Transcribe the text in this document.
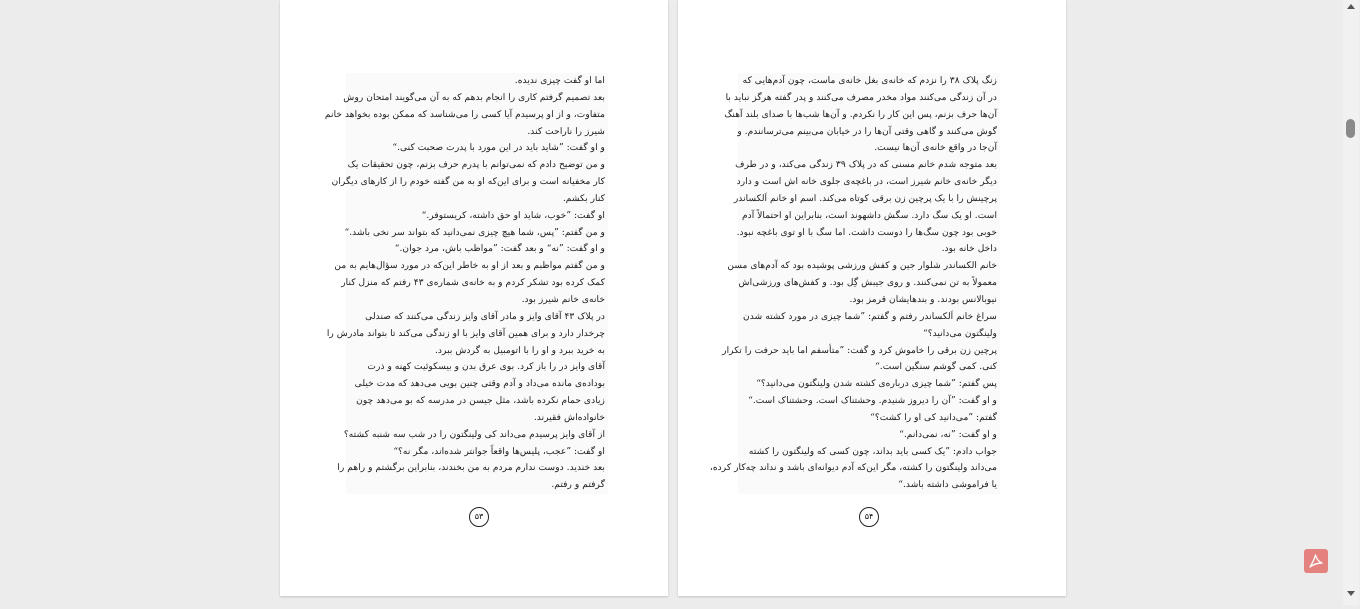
اما او گفت چیزی ندیده.
بعد تصمیم گرفتم کاری را انجام بدهم که به آن می‌گویند امتحان روش
متفاوت، و از او پرسیدم آیا کسی را می‌شناسد که ممکن بوده بخواهد خانم
شیرز را ناراحت کند.
و او گفت: ”شاید باید در این مورد با پدرت صحبت کنی.“
و من توضیح دادم که نمی‌توانم با پدرم حرف بزنم، چون تحقیقات یک
کار مخفیانه است و برای این‌که او به من گفته خودم را از کارهای دیگران
کنار بکشم.
او گفت: ”خوب، شاید او حق داشته، کریستوفر.“
و من گفتم: ”پس، شما هیچ چیزی نمی‌دانید که بتواند سر نخی باشد.“
و او گفت: ”نه“ و بعد گفت: ”مواظب باش، مرد جوان.“
و من گفتم مواظبم و بعد از او به خاطر این‌که در مورد سؤال‌هایم به من
کمک کرده بود تشکر کردم و به خانه‌ی شماره‌ی ۴۳ رفتم که منزل کنار
خانه‌ی خانم شیرز بود.
در پلاک ۴۳ آقای وایز و مادر آقای وایز زندگی می‌کنند که صندلی
چرخدار دارد و برای همین آقای وایز با او زندگی می‌کند تا بتواند مادرش را
به خرید ببرد و او را با اتومبیل به گردش ببرد.
آقای وایز در را باز کرد. بوی عرق بدن و بیسکوئیت کهنه و ذرت
بوداده‌ی مانده می‌داد و آدم وقتی چنین بویی می‌دهد که مدت خیلی
زیادی حمام نکرده باشد، مثل جیسن در مدرسه که بو می‌دهد چون
خانواده‌اش فقیرند.
از آقای وایز پرسیدم می‌داند کی ولینگتون را در شب سه شنبه کشته؟
او گفت: ”عجب، پلیس‌ها واقعاً جوانتر شده‌اند، مگر نه؟“
بعد خندید. دوست ندارم مردم به من بخندند، بنابراین برگشتم و راهم را
گرفتم و رفتم.
۵۳
زنگ پلاک ۳۸ را نزدم که خانه‌ی بغل خانه‌ی ماست، چون آدم‌هایی که
در آن زندگی می‌کنند مواد مخدر مصرف می‌کنند و پدر گفته هرگز نباید با
آن‌ها حرف بزنم، پس این کار را نکردم. و آن‌ها شب‌ها با صدای بلند آهنگ
گوش می‌کنند و گاهی وقتی آن‌ها را در خیابان می‌بینم می‌ترسانندم. و
آن‌جا در واقع خانه‌ی آن‌ها نیست.
بعد متوجه شدم خانم مسنی که در پلاک ۳۹ زندگی می‌کند، و در طرف
دیگر خانه‌ی خانم شیرز است، در باغچه‌ی جلوی خانه اش است و دارد
پرچینش را با یک پرچین زن برقی کوتاه می‌کند. اسم او خانم اَلکساندر
است. او یک سگ دارد. سگش داشهوند است، بنابراین او احتمالاً آدم
خوبی بود چون سگ‌ها را دوست داشت. اما سگ با او توی باغچه نبود.
داخل خانه بود.
خانم الکساندر شلوار جین و کفش ورزشی پوشیده بود که آدم‌های مسن
معمولاً به تن نمی‌کنند. و روی جیبش گِل بود. و کفش‌های ورزشی‌اش
نیوبالانس بودند. و بندهایشان قرمز بود.
سراغ خانم اَلکساندر رفتم و گفتم: ”شما چیزی در مورد کشته شدن
ولینگتون می‌دانید؟“
پرچین زن برقی را خاموش کرد و گفت: ”متأسفم اما باید حرفت را تکرار
کنی. کمی گوشم سنگین است.“
پس گفتم: ”شما چیزی درباره‌ی کشته شدن ولینگتون می‌دانید؟“
و او گفت: ”آن را دیروز شنیدم. وحشتناک است. وحشتناک است.“
گفتم: ”می‌دانید کی او را کشت؟“
و او گفت: ”نه، نمی‌دانم.“
جواب دادم: ”یک کسی باید بداند، چون کسی که ولینگتون را کشته
می‌داند ولینگتون را کشته، مگر این‌که آدم دیوانه‌ای باشد و نداند چه‌کار کرده،
یا فراموشی داشته باشد.“
۵۴
